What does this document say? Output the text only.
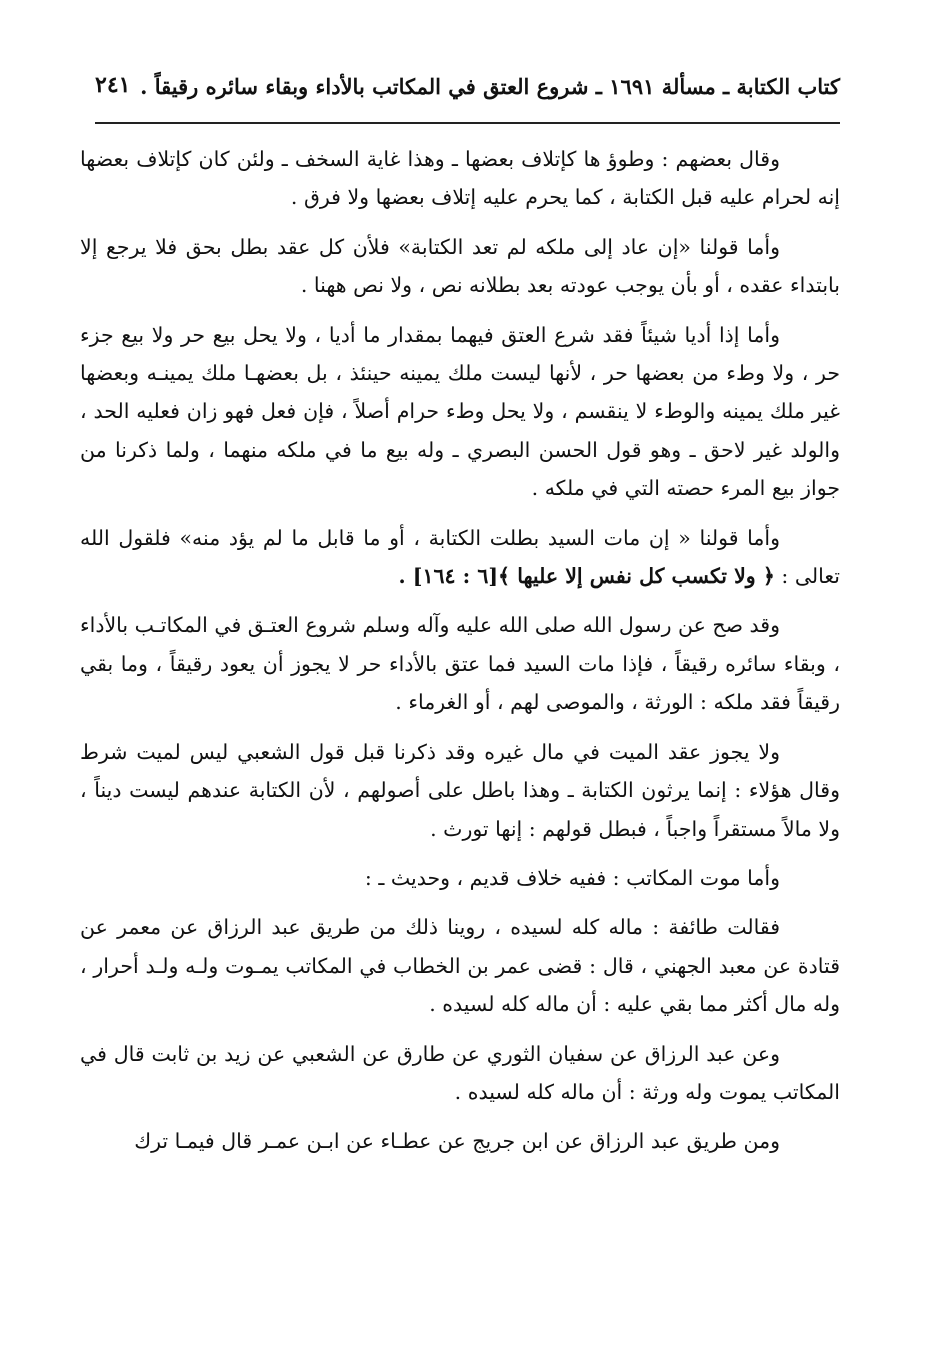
كتاب الكتابة ـ مسألة ١٦٩١ ـ شروع العتق في المكاتب بالأداء وبقاء سائره رقيقاً .
٢٤١

وقال بعضهم : وطوؤ ها كإتلاف بعضها ـ وهذا غاية السخف ـ ولئن كان كإتلاف بعضها إنه لحرام عليه قبل الكتابة ، كما يحرم عليه إتلاف بعضها ولا فرق .

وأما قولنا «إن عاد إلى ملكه لم تعد الكتابة» فلأن كل عقد بطل بحق فلا يرجع إلا بابتداء عقده ، أو بأن يوجب عودته بعد بطلانه نص ، ولا نص ههنا .

وأما إذا أديا شيئاً فقد شرع العتق فيهما بمقدار ما أديا ، ولا يحل بيع حر ولا بيع جزء حر ، ولا وطء من بعضها حر ، لأنها ليست ملك يمينه حينئذ ، بل بعضهـا ملك يمينـه وبعضها غير ملك يمينه والوطء لا ينقسم ، ولا يحل وطء حرام أصلاً ، فإن فعل فهو زان فعليه الحد ، والولد غير لاحق ـ وهو قول الحسن البصري ـ وله بيع ما في ملكه منهما ، ولما ذكرنا من جواز بيع المرء حصته التي في ملكه .

وأما قولنا « إن مات السيد بطلت الكتابة ، أو ما قابل ما لم يؤد منه» فلقول الله تعالى : ﴿ ولا تكسب كل نفس إلا عليها ﴾[٦ : ١٦٤] .

وقد صح عن رسول الله صلى الله عليه وآله وسلم شروع العتـق في المكاتـب بالأداء ، وبقاء سائره رقيقاً ، فإذا مات السيد فما عتق بالأداء حر لا يجوز أن يعود رقيقاً ، وما بقي رقيقاً فقد ملكه : الورثة ، والموصى لهم ، أو الغرماء .

ولا يجوز عقد الميت في مال غيره وقد ذكرنا قبل قول الشعبي ليس لميت شرط وقال هؤلاء : إنما يرثون الكتابة ـ وهذا باطل على أصولهم ، لأن الكتابة عندهم ليست ديناً ، ولا مالاً مستقراً واجباً ، فبطل قولهم : إنها تورث .

وأما موت المكاتب : ففيه خلاف قديم ، وحديث ـ :

فقالت طائفة : ماله كله لسيده ، روينا ذلك من طريق عبد الرزاق عن معمر عن قتادة عن معبد الجهني ، قال : قضى عمر بن الخطاب في المكاتب يمـوت ولـه ولـد أحرار ، وله مال أكثر مما بقي عليه : أن ماله كله لسيده .

وعن عبد الرزاق عن سفيان الثوري عن طارق عن الشعبي عن زيد بن ثابت قال في المكاتب يموت وله ورثة : أن ماله كله لسيده .

ومن طريق عبد الرزاق عن ابن جريج عن عطـاء عن ابـن عمـر قال فيمـا ترك
